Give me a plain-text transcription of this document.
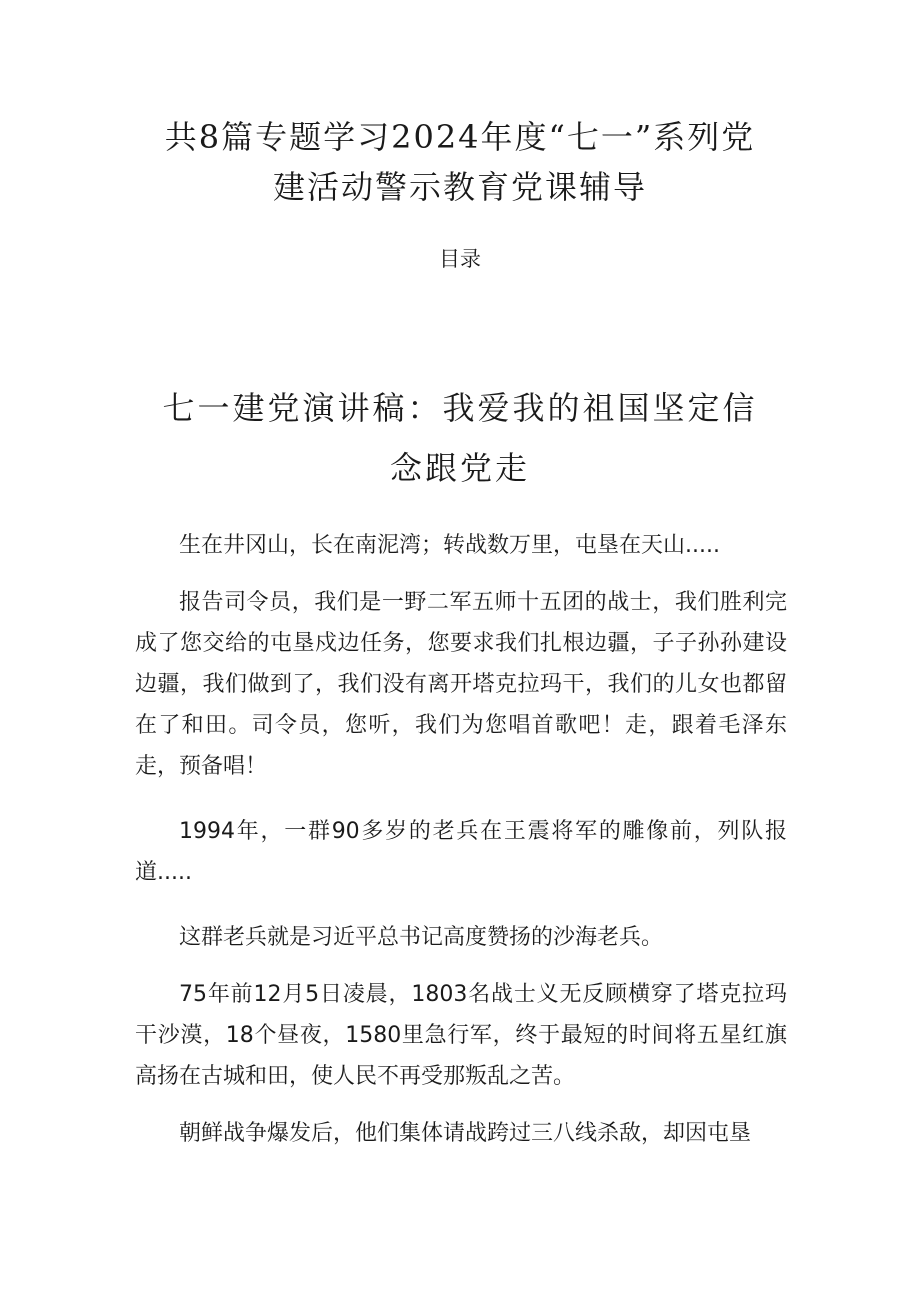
共8篇专题学习2024年度“七一”系列党建活动警示教育党课辅导
目录
七一建党演讲稿：我爱我的祖国坚定信念跟党走

生在井冈山，长在南泥湾；转战数万里，屯垦在天山.....

报告司令员，我们是一野二军五师十五团的战士，我们胜利完成了您交给的屯垦戍边任务，您要求我们扎根边疆，子子孙孙建设边疆，我们做到了，我们没有离开塔克拉玛干，我们的儿女也都留在了和田。司令员，您听，我们为您唱首歌吧！走，跟着毛泽东走，预备唱！

1994年，一群90多岁的老兵在王震将军的雕像前，列队报道.....

这群老兵就是习近平总书记高度赞扬的沙海老兵。

75年前12月5日凌晨，1803名战士义无反顾横穿了塔克拉玛干沙漠，18个昼夜，1580里急行军，终于最短的时间将五星红旗高扬在古城和田，使人民不再受那叛乱之苦。

朝鲜战争爆发后，他们集体请战跨过三八线杀敌，却因屯垦
